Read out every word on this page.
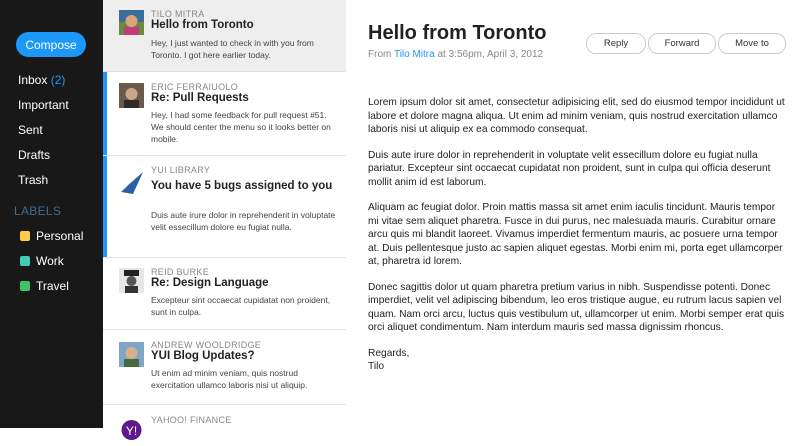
Compose
Inbox (2)
Important
Sent
Drafts
Trash
LABELS
Personal
Work
Travel
TILO MITRA
Hello from Toronto
Hey, I just wanted to check in with you from Toronto. I got here earlier today.
ERIC FERRAIUOLO
Re: Pull Requests
Hey, I had some feedback for pull request #51. We should center the menu so it looks better on mobile.
YUI LIBRARY
You have 5 bugs assigned to you
Duis aute irure dolor in reprehenderit in voluptate velit essecillum dolore eu fugiat nulla.
REID BURKE
Re: Design Language
Excepteur sint occaecat cupidatat non proident, sunt in culpa.
ANDREW WOOLDRIDGE
YUI Blog Updates?
Ut enim ad minim veniam, quis nostrud exercitation ullamco laboris nisi ut aliquip.
Y!
YAHOO! FINANCE
Hello from Toronto
From Tilo Mitra at 3:56pm, April 3, 2012
Reply	Forward	Move to

Lorem ipsum dolor sit amet, consectetur adipisicing elit, sed do eiusmod tempor incididunt ut labore et dolore magna aliqua. Ut enim ad minim veniam, quis nostrud exercitation ullamco laboris nisi ut aliquip ex ea commodo consequat.

Duis aute irure dolor in reprehenderit in voluptate velit essecillum dolore eu fugiat nulla pariatur. Excepteur sint occaecat cupidatat non proident, sunt in culpa qui officia deserunt mollit anim id est laborum.

Aliquam ac feugiat dolor. Proin mattis massa sit amet enim iaculis tincidunt. Mauris tempor mi vitae sem aliquet pharetra. Fusce in dui purus, nec malesuada mauris. Curabitur ornare arcu quis mi blandit laoreet. Vivamus imperdiet fermentum mauris, ac posuere urna tempor at. Duis pellentesque justo ac sapien aliquet egestas. Morbi enim mi, porta eget ullamcorper at, pharetra id lorem.

Donec sagittis dolor ut quam pharetra pretium varius in nibh. Suspendisse potenti. Donec imperdiet, velit vel adipiscing bibendum, leo eros tristique augue, eu rutrum lacus sapien vel quam. Nam orci arcu, luctus quis vestibulum ut, ullamcorper ut enim. Morbi semper erat quis orci aliquet condimentum. Nam interdum mauris sed massa dignissim rhoncus.

Regards,
Tilo
